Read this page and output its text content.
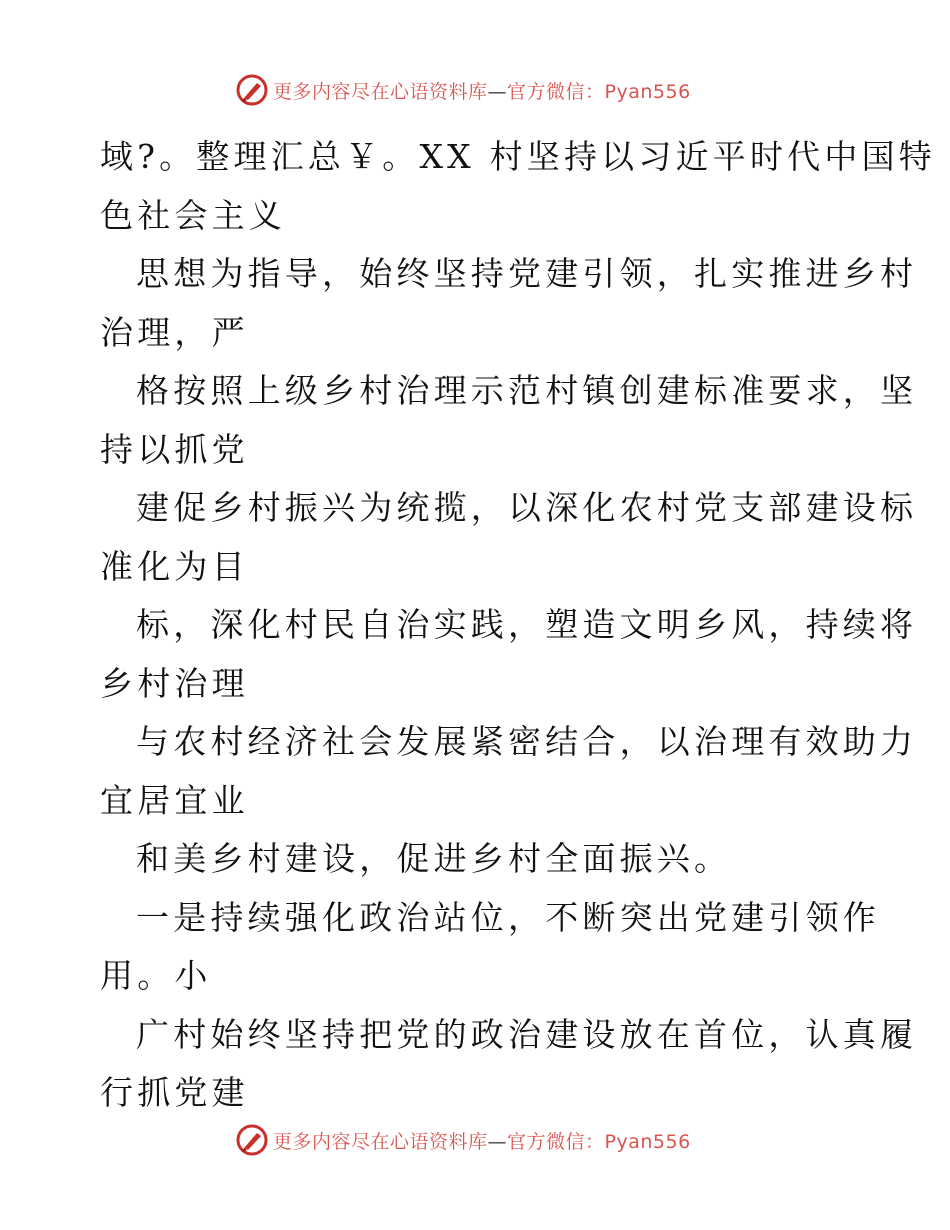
更多内容尽在心语资料库—官方微信：Pyan556
域?。整理汇总￥。XX 村坚持以习近平时代中国特
色社会主义
思想为指导，始终坚持党建引领，扎实推进乡村
治理，严
格按照上级乡村治理示范村镇创建标准要求，坚
持以抓党
建促乡村振兴为统揽，以深化农村党支部建设标
准化为目
标，深化村民自治实践，塑造文明乡风，持续将
乡村治理
与农村经济社会发展紧密结合，以治理有效助力
宜居宜业
和美乡村建设，促进乡村全面振兴。
一是持续强化政治站位，不断突出党建引领作
用。小
广村始终坚持把党的政治建设放在首位，认真履
行抓党建
更多内容尽在心语资料库—官方微信：Pyan556
